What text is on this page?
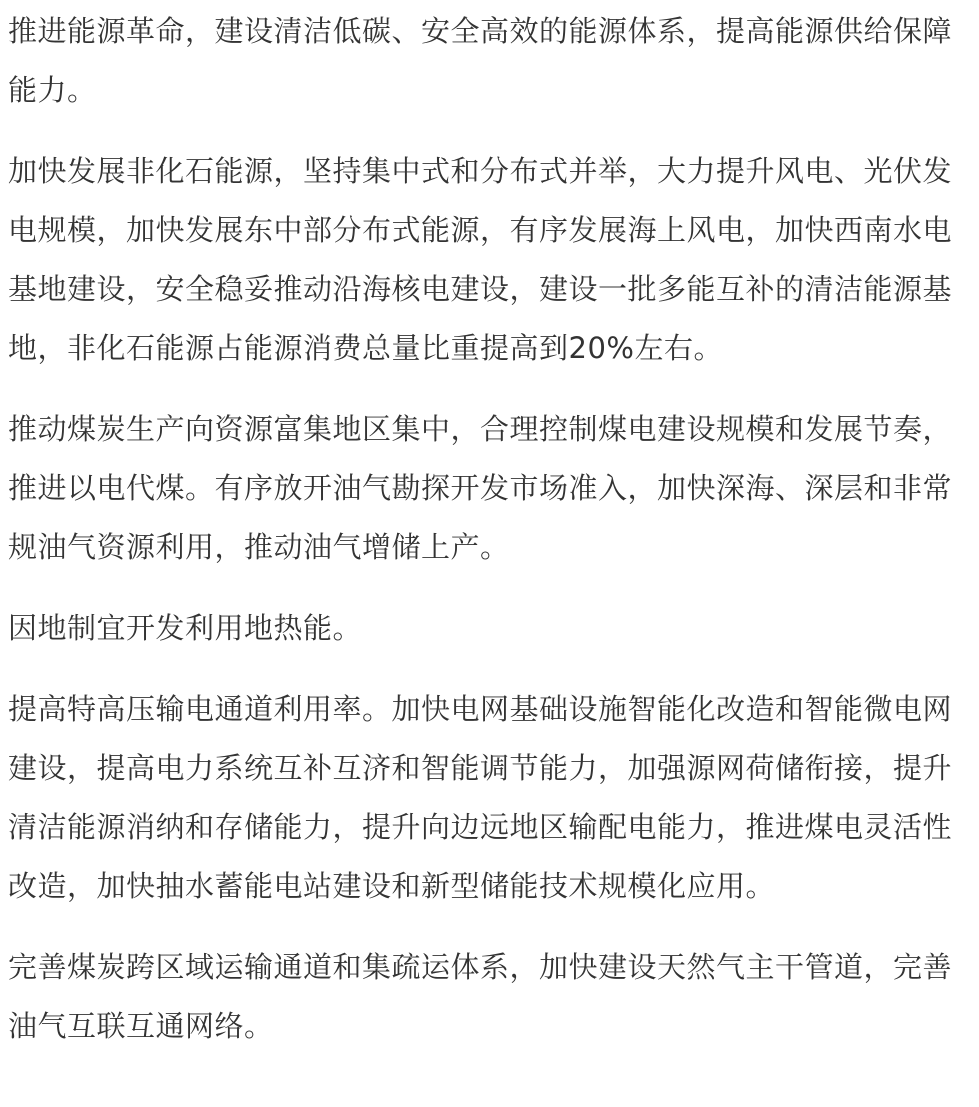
推进能源革命，建设清洁低碳、安全高效的能源体系，提高能源供给保障能力。

加快发展非化石能源，坚持集中式和分布式并举，大力提升风电、光伏发电规模，加快发展东中部分布式能源，有序发展海上风电，加快西南水电基地建设，安全稳妥推动沿海核电建设，建设一批多能互补的清洁能源基地，非化石能源占能源消费总量比重提高到20%左右。

推动煤炭生产向资源富集地区集中，合理控制煤电建设规模和发展节奏，推进以电代煤。有序放开油气勘探开发市场准入，加快深海、深层和非常规油气资源利用，推动油气增储上产。

因地制宜开发利用地热能。

提高特高压输电通道利用率。加快电网基础设施智能化改造和智能微电网建设，提高电力系统互补互济和智能调节能力，加强源网荷储衔接，提升清洁能源消纳和存储能力，提升向边远地区输配电能力，推进煤电灵活性改造，加快抽水蓄能电站建设和新型储能技术规模化应用。

完善煤炭跨区域运输通道和集疏运体系，加快建设天然气主干管道，完善油气互联互通网络。
